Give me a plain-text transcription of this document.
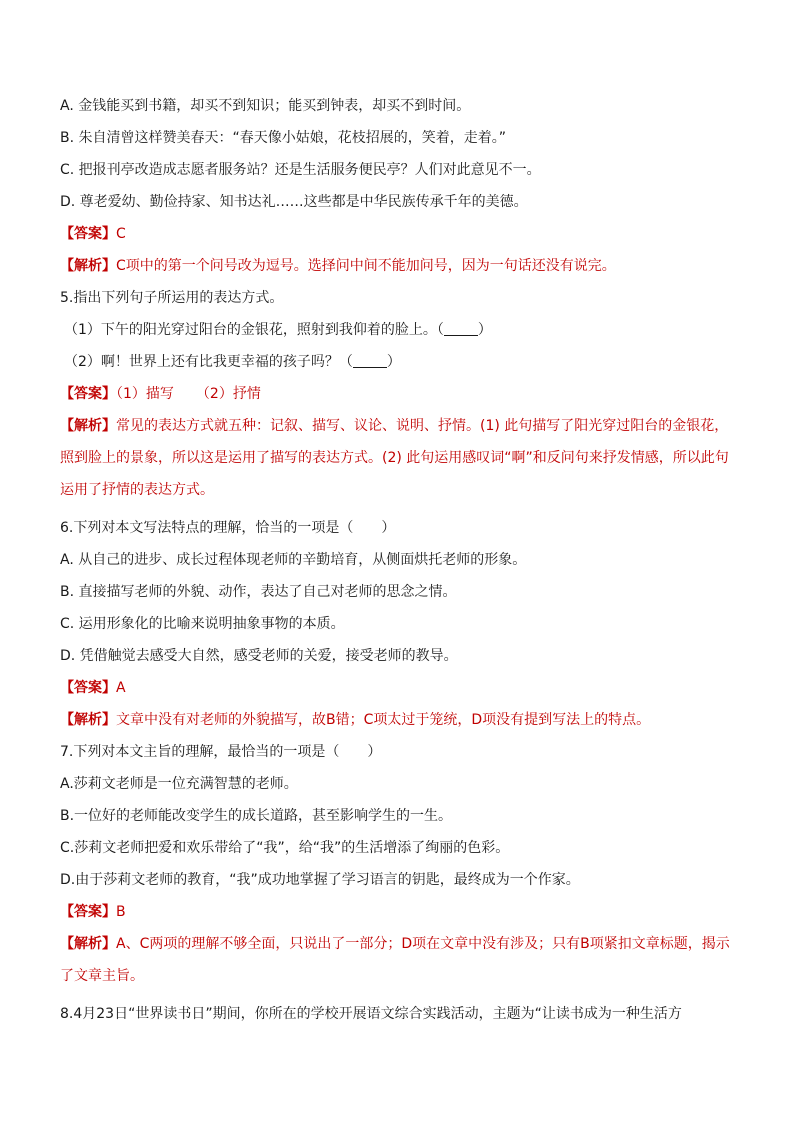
A. 金钱能买到书籍，却买不到知识；能买到钟表，却买不到时间。
B. 朱自清曾这样赞美春天：“春天像小姑娘，花枝招展的，笑着，走着。”
C. 把报刊亭改造成志愿者服务站？还是生活服务便民亭？人们对此意见不一。
D. 尊老爱幼、勤俭持家、知书达礼……这些都是中华民族传承千年的美德。
【答案】C
【解析】C项中的第一个问号改为逗号。选择问中间不能加问号，因为一句话还没有说完。
5.指出下列句子所运用的表达方式。
（1）下午的阳光穿过阳台的金银花，照射到我仰着的脸上。（ ）
（2）啊！世界上还有比我更幸福的孩子吗？（ ）
【答案】（1）描写 （2）抒情
【解析】常见的表达方式就五种：记叙、描写、议论、说明、抒情。(1) 此句描写了阳光穿过阳台的金银花，照到脸上的景象，所以这是运用了描写的表达方式。(2) 此句运用感叹词“啊”和反问句来抒发情感，所以此句运用了抒情的表达方式。
6.下列对本文写法特点的理解，恰当的一项是（　　）
A. 从自己的进步、成长过程体现老师的辛勤培育，从侧面烘托老师的形象。
B. 直接描写老师的外貌、动作，表达了自己对老师的思念之情。
C. 运用形象化的比喻来说明抽象事物的本质。
D. 凭借触觉去感受大自然，感受老师的关爱，接受老师的教导。
【答案】A
【解析】文章中没有对老师的外貌描写，故B错；C项太过于笼统，D项没有提到写法上的特点。
7.下列对本文主旨的理解，最恰当的一项是（　　）
A.莎莉文老师是一位充满智慧的老师。
B.一位好的老师能改变学生的成长道路，甚至影响学生的一生。
C.莎莉文老师把爱和欢乐带给了“我”，给“我”的生活增添了绚丽的色彩。
D.由于莎莉文老师的教育，“我”成功地掌握了学习语言的钥匙，最终成为一个作家。
【答案】B
【解析】A、C两项的理解不够全面，只说出了一部分；D项在文章中没有涉及；只有B项紧扣文章标题，揭示了文章主旨。
8.4月23日“世界读书日”期间，你所在的学校开展语文综合实践活动，主题为“让读书成为一种生活方
